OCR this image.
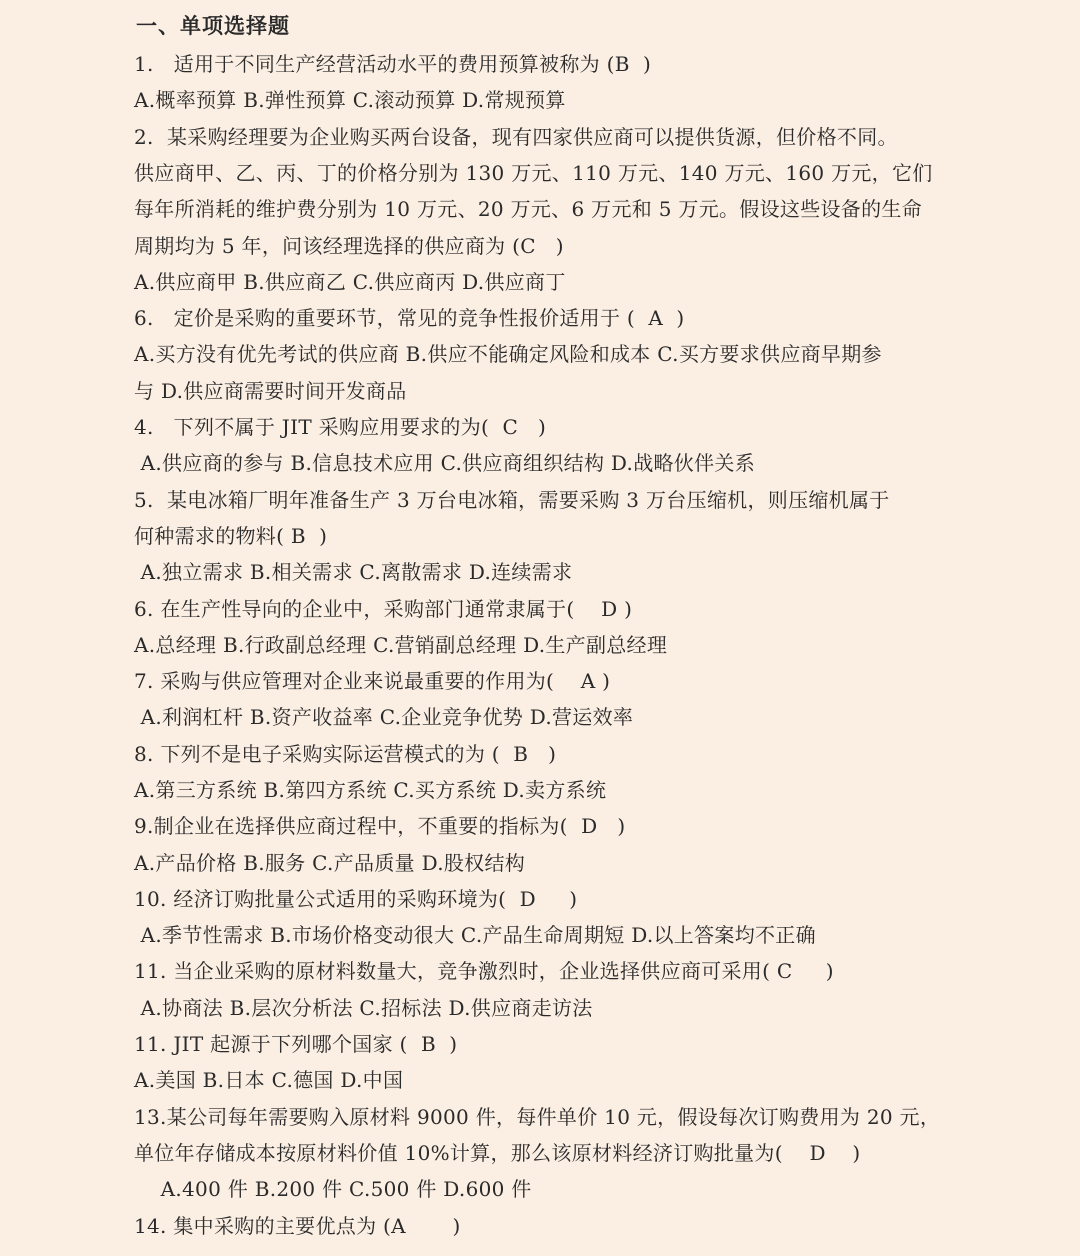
一、单项选择题
1.   适用于不同生产经营活动水平的费用预算被称为 (B  )
A.概率预算 B.弹性预算 C.滚动预算 D.常规预算
2.  某采购经理要为企业购买两台设备，现有四家供应商可以提供货源，但价格不同。
供应商甲、乙、丙、丁的价格分别为 130 万元、110 万元、140 万元、160 万元，它们
每年所消耗的维护费分别为 10 万元、20 万元、6 万元和 5 万元。假设这些设备的生命
周期均为 5 年，问该经理选择的供应商为 (C   )
A.供应商甲 B.供应商乙 C.供应商丙 D.供应商丁
6.   定价是采购的重要环节，常见的竞争性报价适用于 (  A  )
A.买方没有优先考试的供应商 B.供应不能确定风险和成本 C.买方要求供应商早期参
与 D.供应商需要时间开发商品
4.   下列不属于 JIT 采购应用要求的为(  C   )
A.供应商的参与 B.信息技术应用 C.供应商组织结构 D.战略伙伴关系
5.  某电冰箱厂明年准备生产 3 万台电冰箱，需要采购 3 万台压缩机，则压缩机属于
何种需求的物料( B  )
A.独立需求 B.相关需求 C.离散需求 D.连续需求
6. 在生产性导向的企业中，采购部门通常隶属于(    D )
A.总经理 B.行政副总经理 C.营销副总经理 D.生产副总经理
7. 采购与供应管理对企业来说最重要的作用为(    A )
A.利润杠杆 B.资产收益率 C.企业竞争优势 D.营运效率
8. 下列不是电子采购实际运营模式的为 (  B   )
A.第三方系统 B.第四方系统 C.买方系统 D.卖方系统
9.制企业在选择供应商过程中，不重要的指标为(  D   )
A.产品价格 B.服务 C.产品质量 D.股权结构
10. 经济订购批量公式适用的采购环境为(  D     )
A.季节性需求 B.市场价格变动很大 C.产品生命周期短 D.以上答案均不正确
11. 当企业采购的原材料数量大，竞争激烈时，企业选择供应商可采用( C     )
A.协商法 B.层次分析法 C.招标法 D.供应商走访法
11. JIT 起源于下列哪个国家 (  B  )
A.美国 B.日本 C.德国 D.中国
13.某公司每年需要购入原材料 9000 件，每件单价 10 元，假设每次订购费用为 20 元，
单位年存储成本按原材料价值 10%计算，那么该原材料经济订购批量为(    D    )
A.400 件 B.200 件 C.500 件 D.600 件
14. 集中采购的主要优点为 (A       )
